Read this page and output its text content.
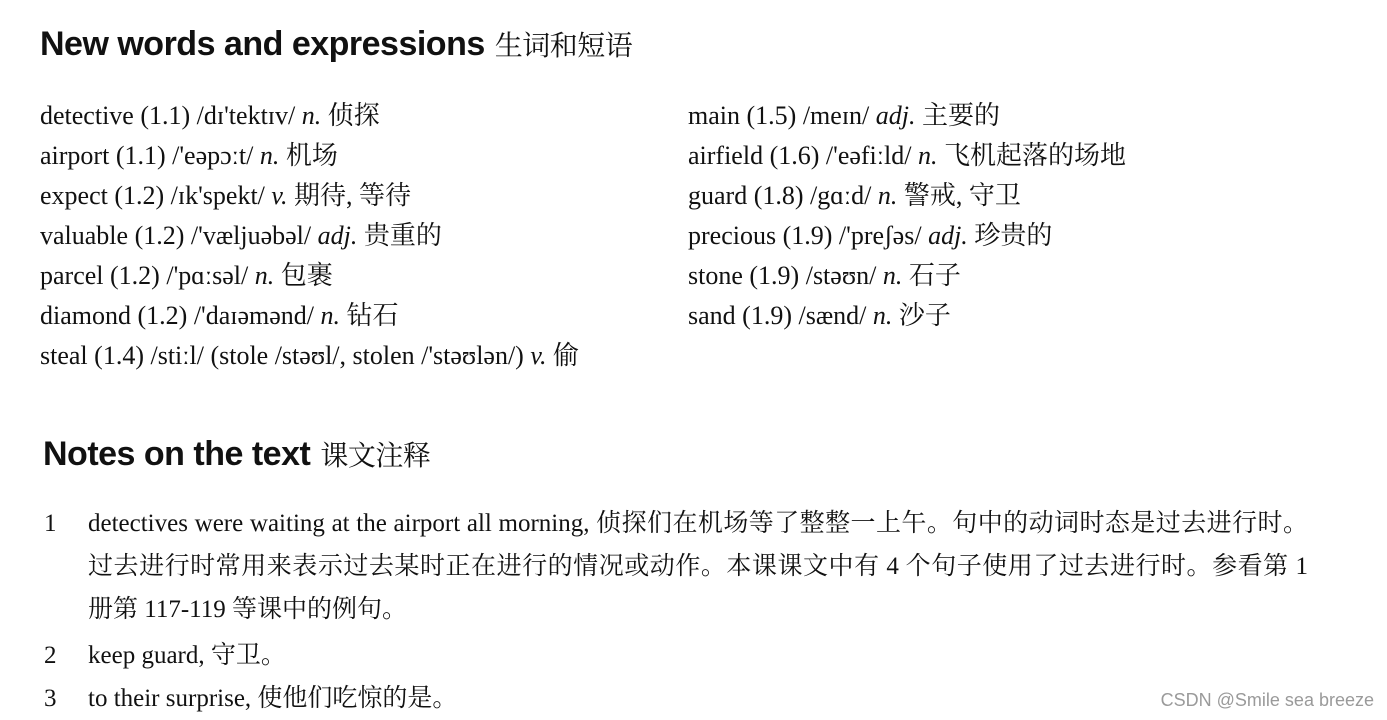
New words and expressions 生词和短语
detective (1.1) /dɪ'tektɪv/ n. 侦探
airport (1.1) /'eəpɔːt/ n. 机场
expect (1.2) /ɪk'spekt/ v. 期待, 等待
valuable (1.2) /'væljuəbəl/ adj. 贵重的
parcel (1.2) /'pɑːsəl/ n. 包裹
diamond (1.2) /'daɪəmənd/ n. 钻石
steal (1.4) /stiːl/ (stole /stəʊl/, stolen /'stəʊlən/) v. 偷
main (1.5) /meɪn/ adj. 主要的
airfield (1.6) /'eəfiːld/ n. 飞机起落的场地
guard (1.8) /gɑːd/ n. 警戒, 守卫
precious (1.9) /'preʃəs/ adj. 珍贵的
stone (1.9) /stəʊn/ n. 石子
sand (1.9) /sænd/ n. 沙子
Notes on the text 课文注释
1	detectives were waiting at the airport all morning, 侦探们在机场等了整整一上午。句中的动词时态是过去进行时。过去进行时常用来表示过去某时正在进行的情况或动作。本课课文中有 4 个句子使用了过去进行时。参看第 1 册第 117-119 等课中的例句。
2	keep guard, 守卫。
3	to their surprise, 使他们吃惊的是。	CSDN @Smile sea breeze
